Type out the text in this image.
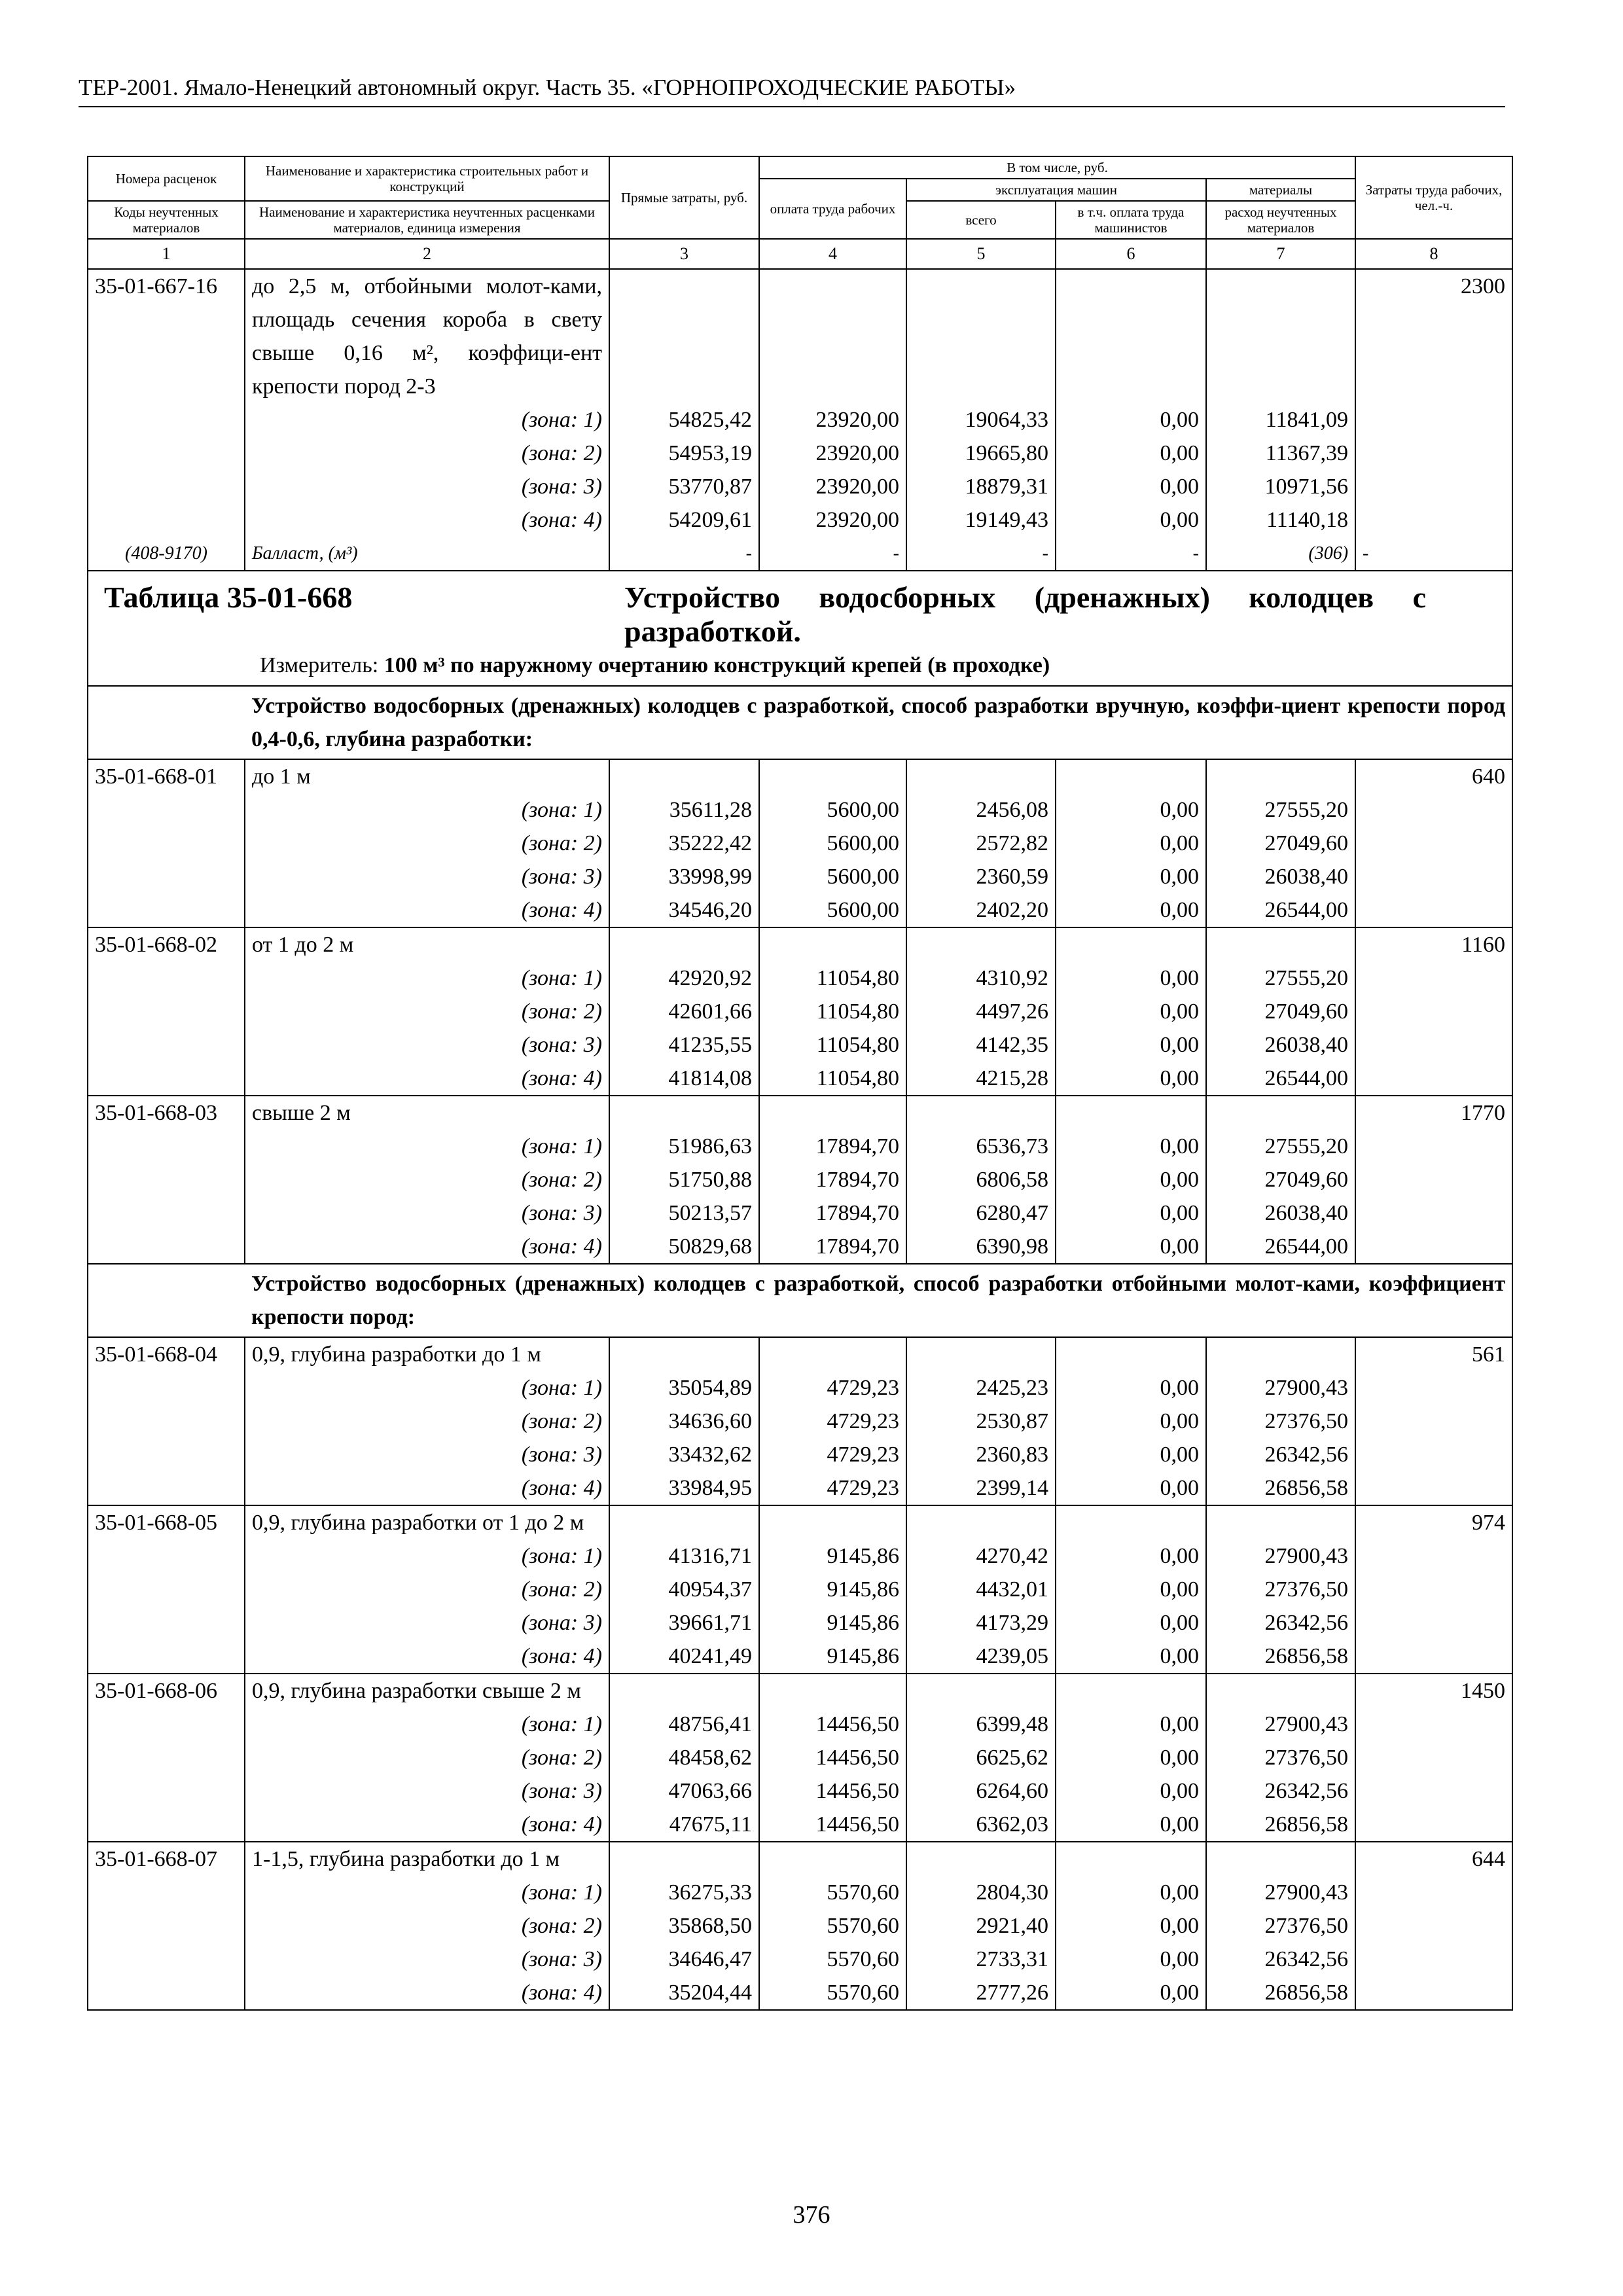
ТЕР-2001. Ямало-Ненецкий автономный округ. Часть 35. «ГОРНОПРОХОДЧЕСКИЕ РАБОТЫ»
Номера расценок	Наименование и характеристика строительных работ и конструкций	Прямые затраты, руб.	В том числе, руб.				Затраты труда рабочих, чел.-ч.
			оплата труда рабочих	эксплуатация машин		материалы	
Коды неучтенных материалов	Наименование и характеристика неучтенных расценками материалов, единица измерения			всего	в т.ч. оплата труда машинистов	расход неучтенных материалов	

1	2	3	4	5	6	7	8
35-01-667-16	до 2,5 м, отбойными молот-ками, площадь сечения короба в свету свыше 0,16 м², коэффици-ент крепости пород 2-3						2300
	(зона: 1)	54825,42	23920,00	19064,33	0,00	11841,09	
	(зона: 2)	54953,19	23920,00	19665,80	0,00	11367,39	
	(зона: 3)	53770,87	23920,00	18879,31	0,00	10971,56	
	(зона: 4)	54209,61	23920,00	19149,43	0,00	11140,18	
(408-9170)	Балласт, (м³)	-	-	-	-	(306)	-

Таблица 35-01-668 Устройство водосборных (дренажных) колодцев с разработкой.
Измеритель: 100 м³ по наружному очертанию конструкций крепей (в проходке)							

	Устройство водосборных (дренажных) колодцев с разработкой, способ разработки вручную, коэффи-циент крепости пород 0,4-0,6, глубина разработки:						
35-01-668-01	до 1 м						640
	(зона: 1)	35611,28	5600,00	2456,08	0,00	27555,20	
	(зона: 2)	35222,42	5600,00	2572,82	0,00	27049,60	
	(зона: 3)	33998,99	5600,00	2360,59	0,00	26038,40	
	(зона: 4)	34546,20	5600,00	2402,20	0,00	26544,00	
35-01-668-02	от 1 до 2 м						1160
	(зона: 1)	42920,92	11054,80	4310,92	0,00	27555,20	
	(зона: 2)	42601,66	11054,80	4497,26	0,00	27049,60	
	(зона: 3)	41235,55	11054,80	4142,35	0,00	26038,40	
	(зона: 4)	41814,08	11054,80	4215,28	0,00	26544,00	
35-01-668-03	свыше 2 м						1770
	(зона: 1)	51986,63	17894,70	6536,73	0,00	27555,20	
	(зона: 2)	51750,88	17894,70	6806,58	0,00	27049,60	
	(зона: 3)	50213,57	17894,70	6280,47	0,00	26038,40	
	(зона: 4)	50829,68	17894,70	6390,98	0,00	26544,00	
	Устройство водосборных (дренажных) колодцев с разработкой, способ разработки отбойными молот-ками, коэффициент крепости пород:						
35-01-668-04	0,9, глубина разработки до 1 м						561
	(зона: 1)	35054,89	4729,23	2425,23	0,00	27900,43	
	(зона: 2)	34636,60	4729,23	2530,87	0,00	27376,50	
	(зона: 3)	33432,62	4729,23	2360,83	0,00	26342,56	
	(зона: 4)	33984,95	4729,23	2399,14	0,00	26856,58	
35-01-668-05	0,9, глубина разработки от 1 до 2 м						974
	(зона: 1)	41316,71	9145,86	4270,42	0,00	27900,43	
	(зона: 2)	40954,37	9145,86	4432,01	0,00	27376,50	
	(зона: 3)	39661,71	9145,86	4173,29	0,00	26342,56	
	(зона: 4)	40241,49	9145,86	4239,05	0,00	26856,58	
35-01-668-06	0,9, глубина разработки свыше 2 м						1450
	(зона: 1)	48756,41	14456,50	6399,48	0,00	27900,43	
	(зона: 2)	48458,62	14456,50	6625,62	0,00	27376,50	
	(зона: 3)	47063,66	14456,50	6264,60	0,00	26342,56	
	(зона: 4)	47675,11	14456,50	6362,03	0,00	26856,58	
35-01-668-07	1-1,5, глубина разработки до 1 м						644
	(зона: 1)	36275,33	5570,60	2804,30	0,00	27900,43	
	(зона: 2)	35868,50	5570,60	2921,40	0,00	27376,50	
	(зона: 3)	34646,47	5570,60	2733,31	0,00	26342,56	
	(зона: 4)	35204,44	5570,60	2777,26	0,00	26856,58	
376
